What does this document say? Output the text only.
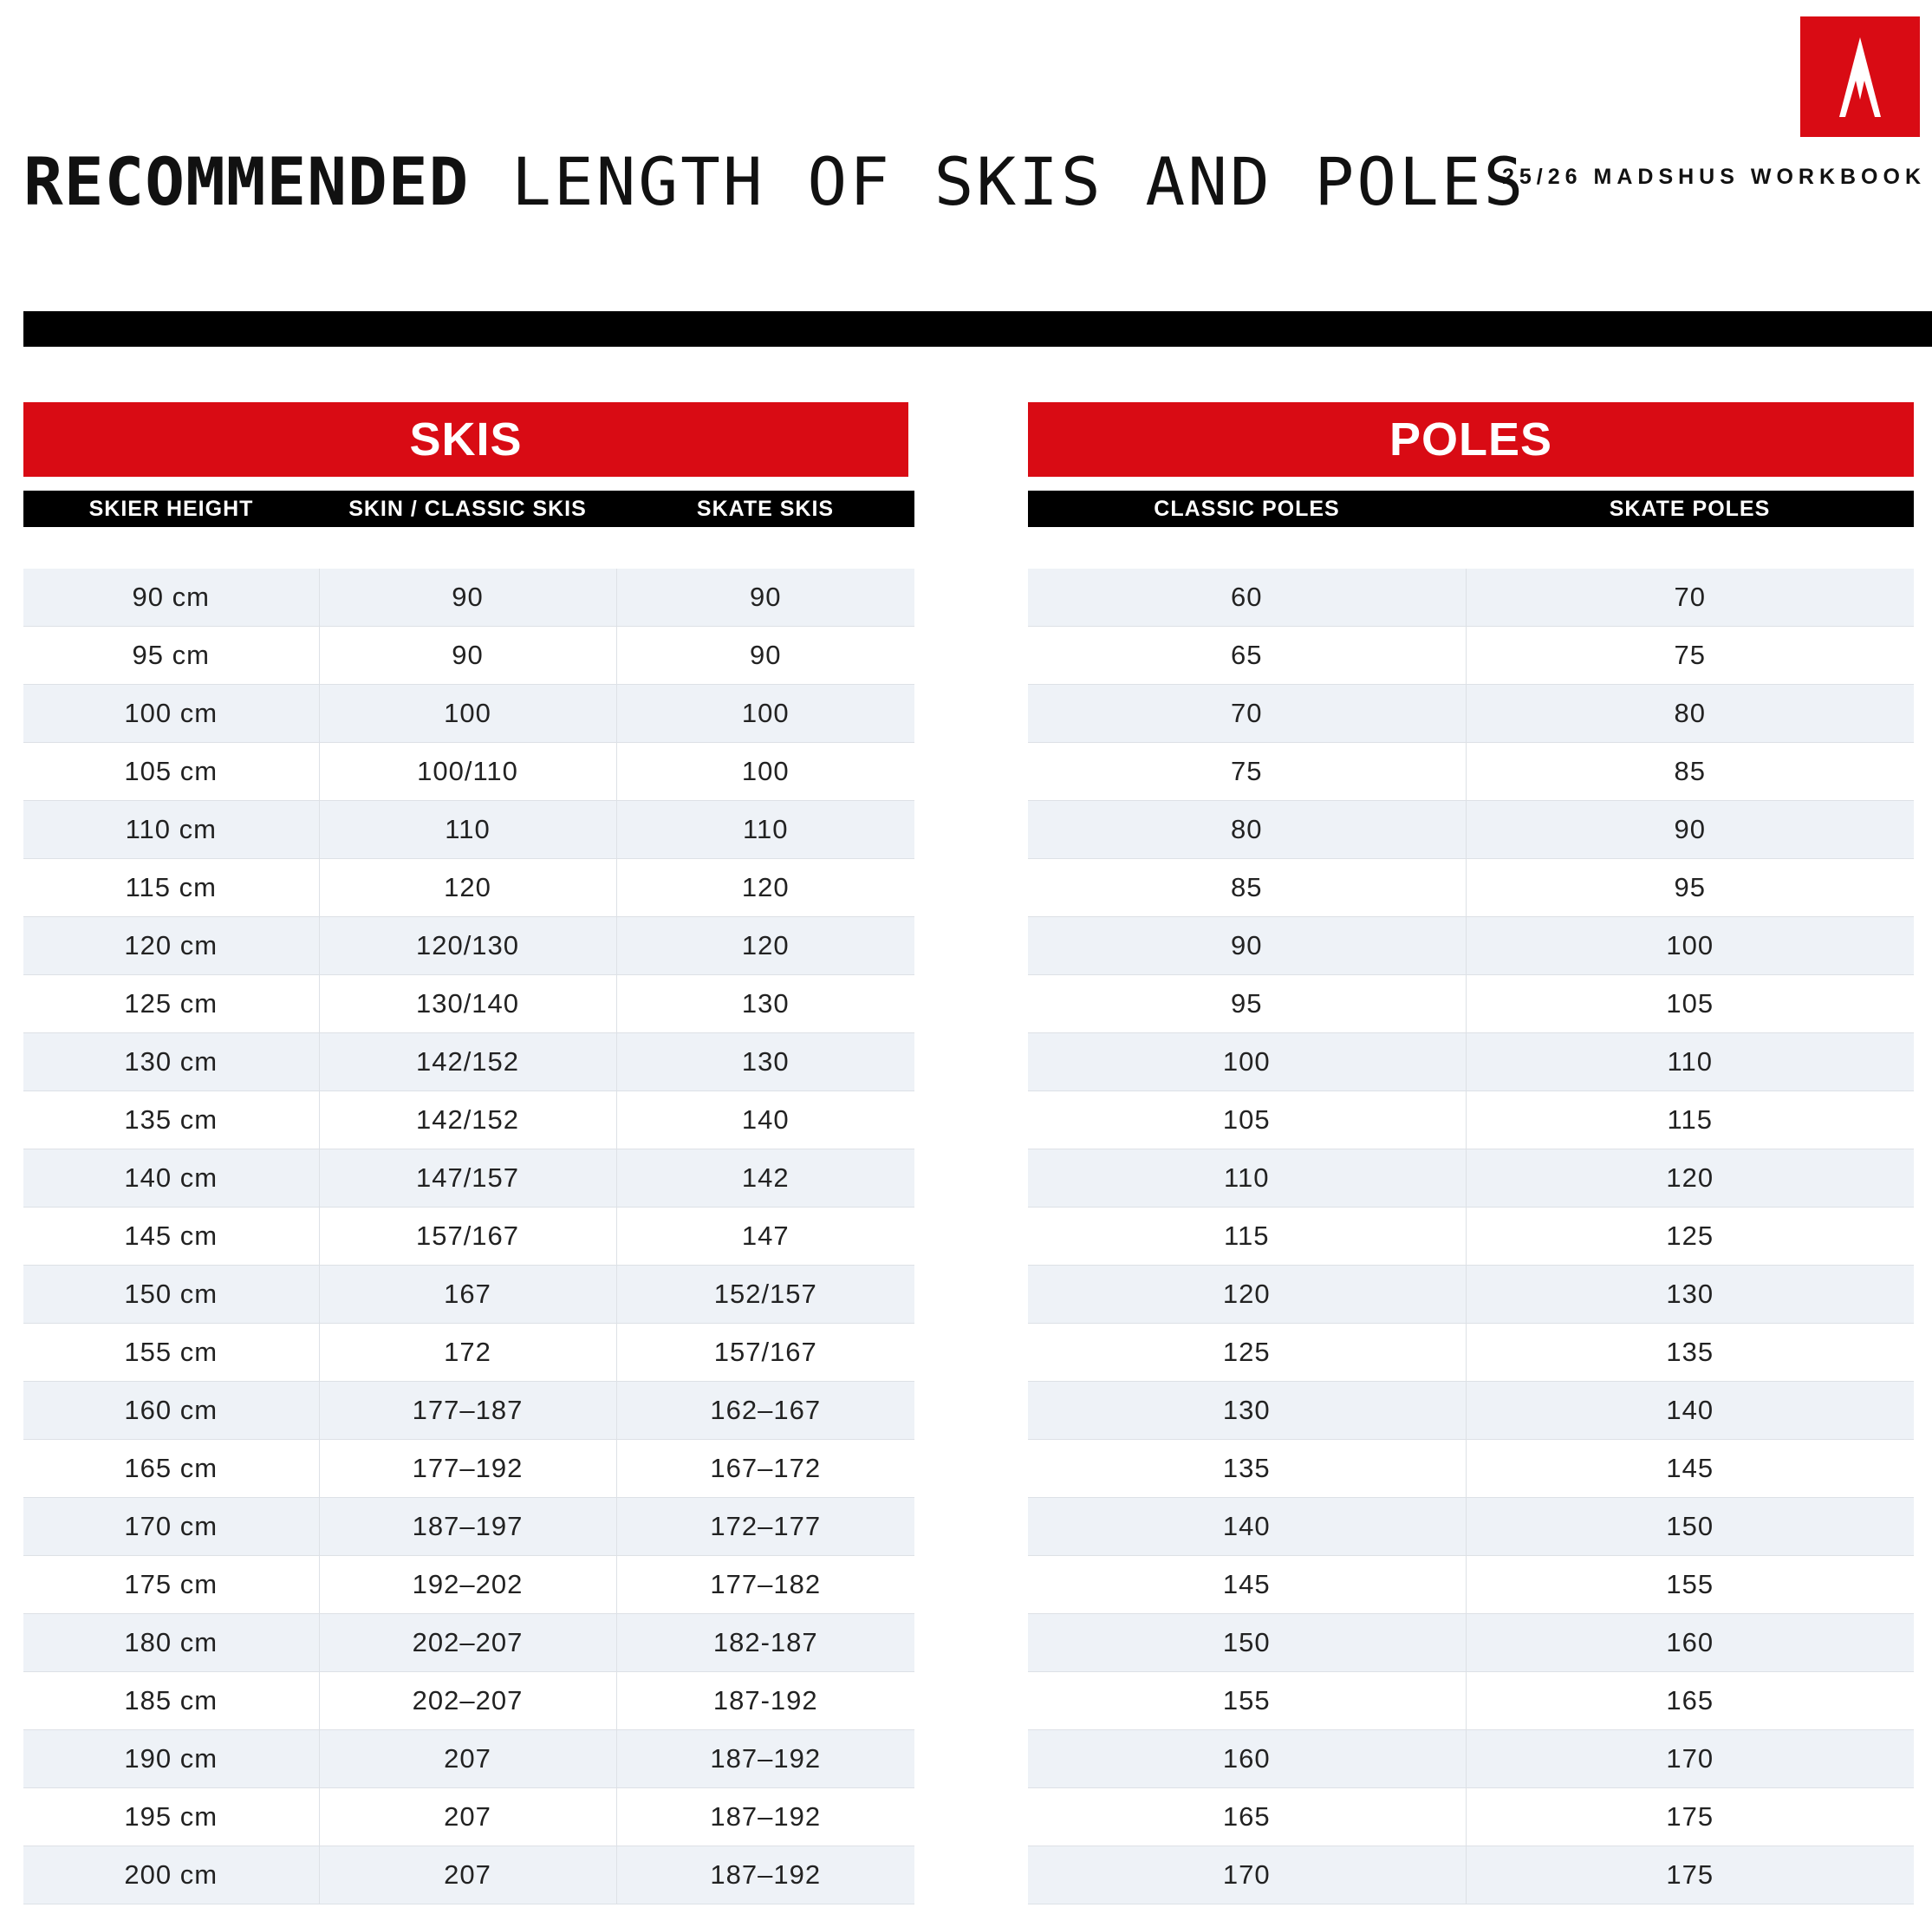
RECOMMENDED LENGTH OF SKIS AND POLES
25/26 MADSHUS WORKBOOK
SKIS
SKIER HEIGHT	SKIN / CLASSIC SKIS	SKATE SKIS
90 cm	90	90
95 cm	90	90
100 cm	100	100
105 cm	100/110	100
110 cm	110	110
115 cm	120	120
120 cm	120/130	120
125 cm	130/140	130
130 cm	142/152	130
135 cm	142/152	140
140 cm	147/157	142
145 cm	157/167	147
150 cm	167	152/157
155 cm	172	157/167
160 cm	177–187	162–167
165 cm	177–192	167–172
170 cm	187–197	172–177
175 cm	192–202	177–182
180 cm	202–207	182-187
185 cm	202–207	187-192
190 cm	207	187–192
195 cm	207	187–192
200 cm	207	187–192
POLES
CLASSIC POLES	SKATE POLES
60	70
65	75
70	80
75	85
80	90
85	95
90	100
95	105
100	110
105	115
110	120
115	125
120	130
125	135
130	140
135	145
140	150
145	155
150	160
155	165
160	170
165	175
170	175
